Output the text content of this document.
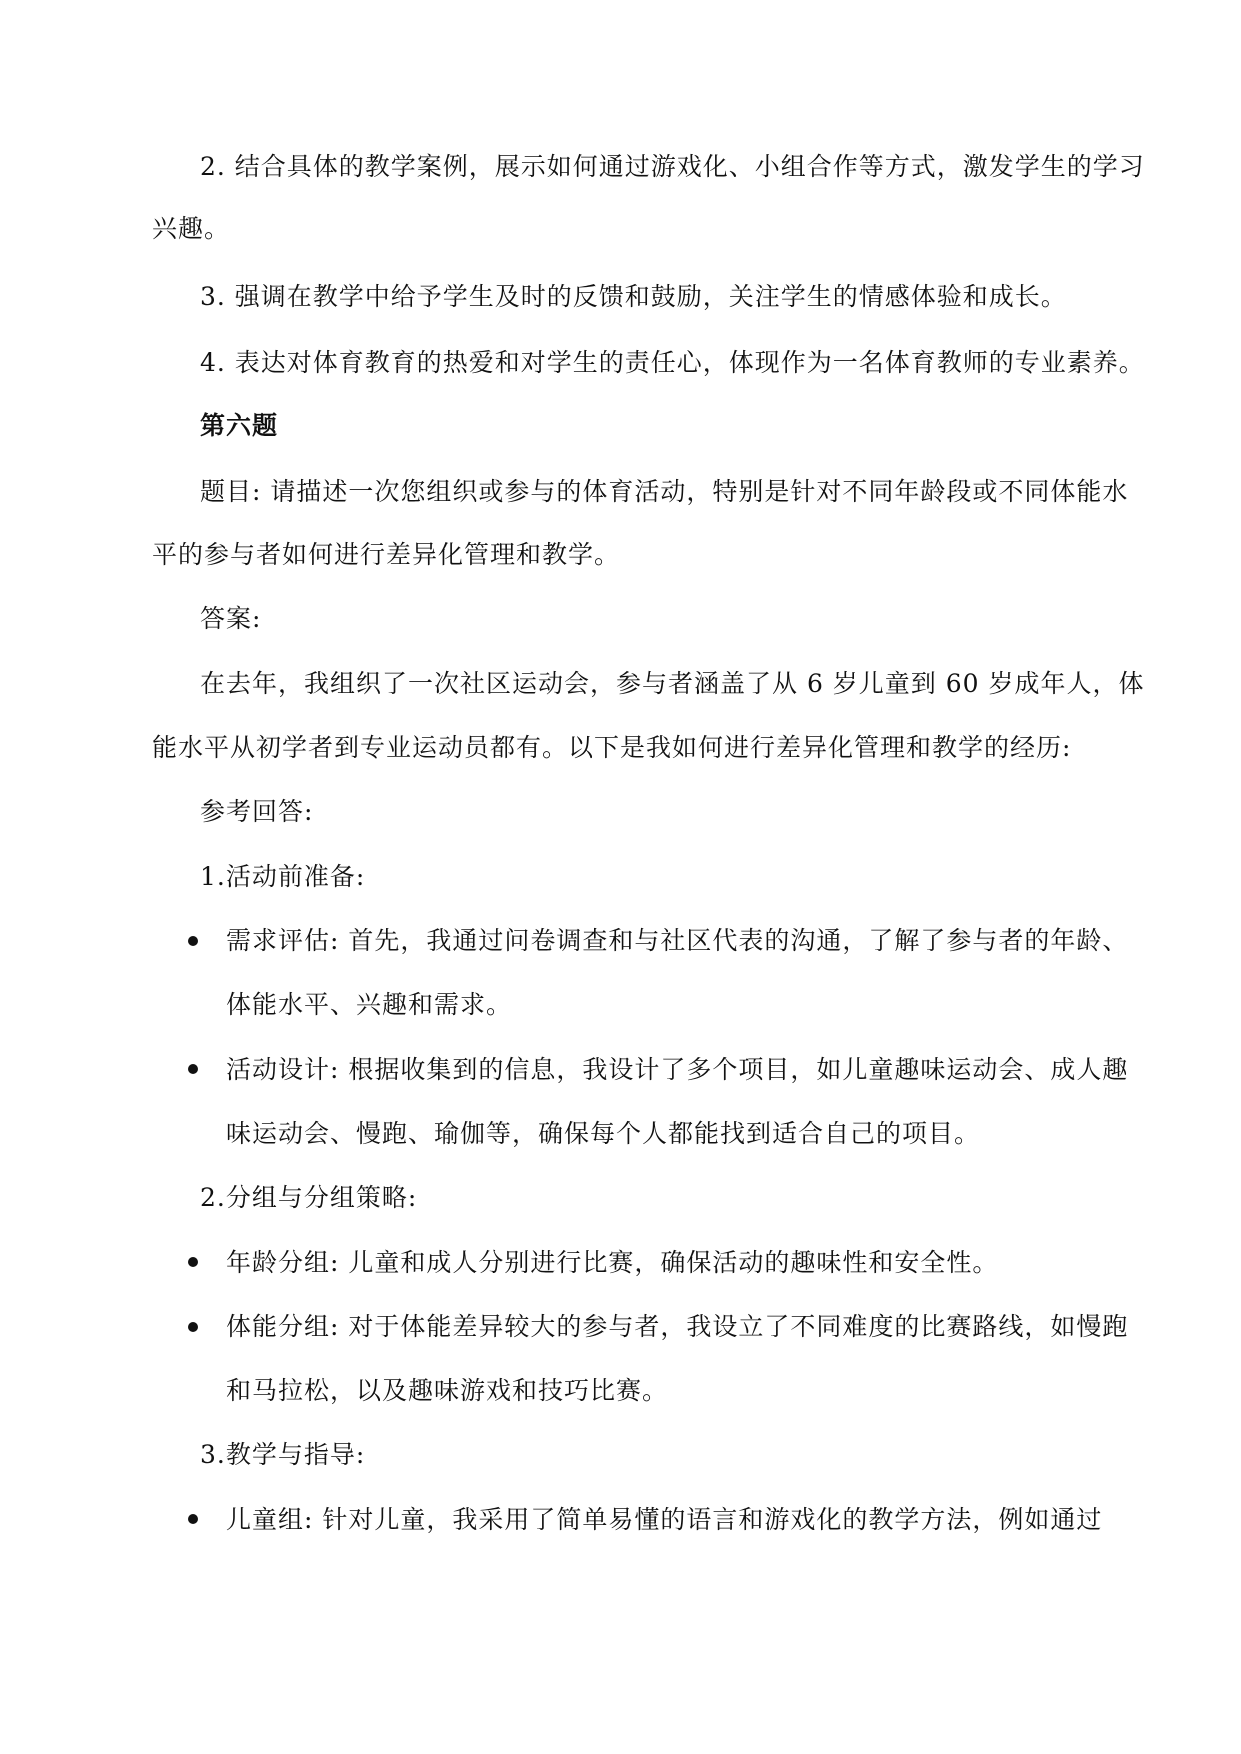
2. 结合具体的教学案例，展示如何通过游戏化、小组合作等方式，激发学生的学习
兴趣。
3. 强调在教学中给予学生及时的反馈和鼓励，关注学生的情感体验和成长。
4. 表达对体育教育的热爱和对学生的责任心，体现作为一名体育教师的专业素养。
第六题
题目: 请描述一次您组织或参与的体育活动，特别是针对不同年龄段或不同体能水
平的参与者如何进行差异化管理和教学。
答案:
在去年，我组织了一次社区运动会，参与者涵盖了从 6 岁儿童到 60 岁成年人，体
能水平从初学者到专业运动员都有。以下是我如何进行差异化管理和教学的经历:
参考回答:
1.活动前准备:
需求评估: 首先，我通过问卷调查和与社区代表的沟通，了解了参与者的年龄、
体能水平、兴趣和需求。
活动设计: 根据收集到的信息，我设计了多个项目，如儿童趣味运动会、成人趣
味运动会、慢跑、瑜伽等，确保每个人都能找到适合自己的项目。
2.分组与分组策略:
年龄分组: 儿童和成人分别进行比赛，确保活动的趣味性和安全性。
体能分组: 对于体能差异较大的参与者，我设立了不同难度的比赛路线，如慢跑
和马拉松，以及趣味游戏和技巧比赛。
3.教学与指导:
儿童组: 针对儿童，我采用了简单易懂的语言和游戏化的教学方法，例如通过
